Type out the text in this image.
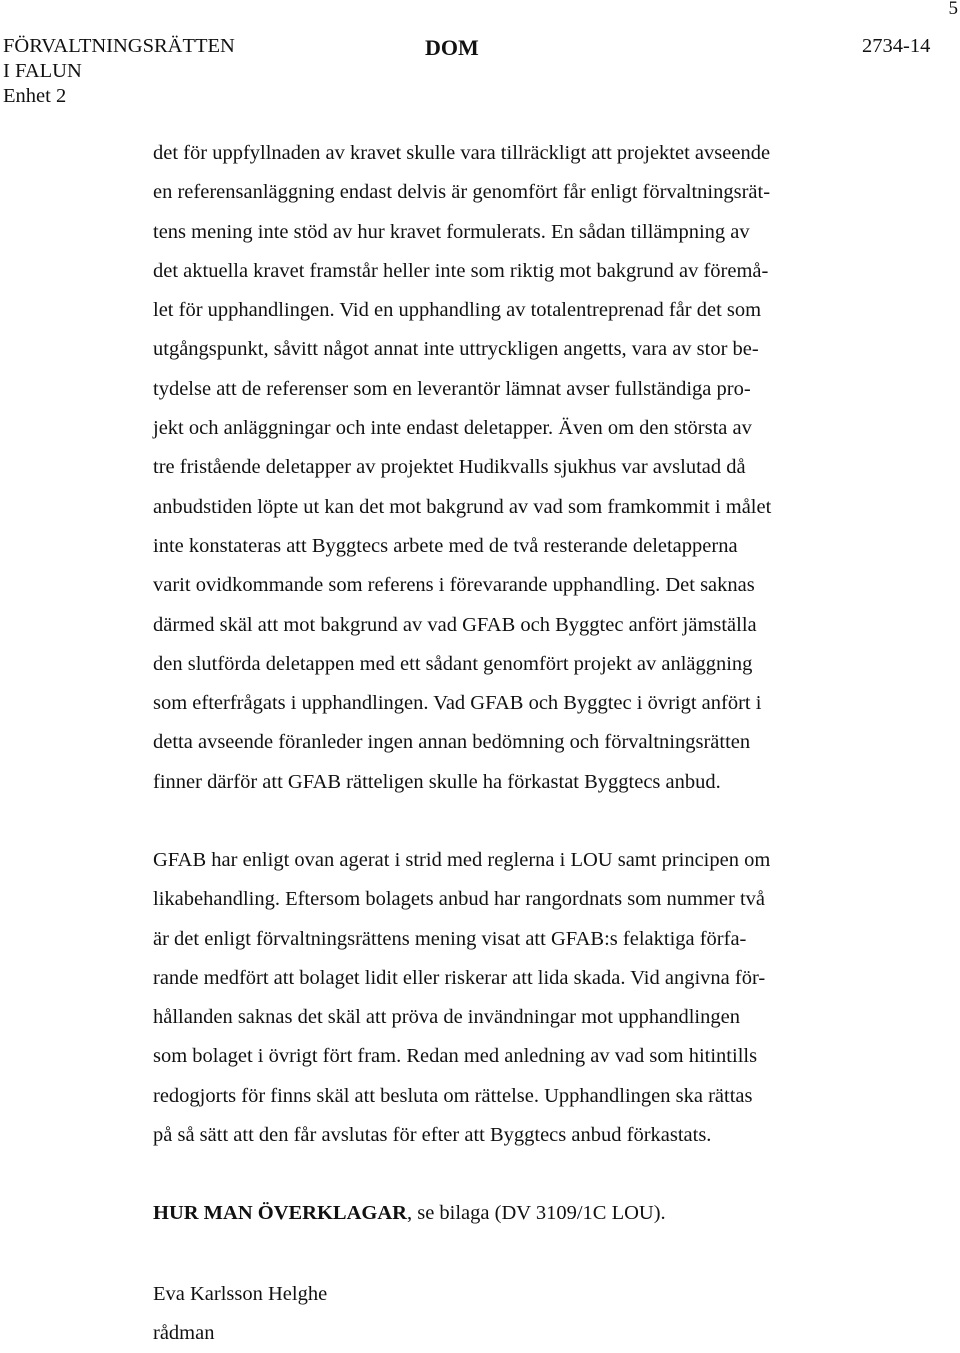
5
FÖRVALTNINGSRÄTTEN
I FALUN
Enhet 2
DOM	2734-14

det för uppfyllnaden av kravet skulle vara tillräckligt att projektet avseende
en referensanläggning endast delvis är genomfört får enligt förvaltningsrät-
tens mening inte stöd av hur kravet formulerats. En sådan tillämpning av
det aktuella kravet framstår heller inte som riktig mot bakgrund av föremå-
let för upphandlingen. Vid en upphandling av totalentreprenad får det som
utgångspunkt, såvitt något annat inte uttryckligen angetts, vara av stor be-
tydelse att de referenser som en leverantör lämnat avser fullständiga pro-
jekt och anläggningar och inte endast deletapper. Även om den största av
tre fristående deletapper av projektet Hudikvalls sjukhus var avslutad då
anbudstiden löpte ut kan det mot bakgrund av vad som framkommit i målet
inte konstateras att Byggtecs arbete med de två resterande deletapperna
varit ovidkommande som referens i förevarande upphandling. Det saknas
därmed skäl att mot bakgrund av vad GFAB och Byggtec anfört jämställa
den slutförda deletappen med ett sådant genomfört projekt av anläggning
som efterfrågats i upphandlingen. Vad GFAB och Byggtec i övrigt anfört i
detta avseende föranleder ingen annan bedömning och förvaltningsrätten
finner därför att GFAB rätteligen skulle ha förkastat Byggtecs anbud.

GFAB har enligt ovan agerat i strid med reglerna i LOU samt principen om
likabehandling. Eftersom bolagets anbud har rangordnats som nummer två
är det enligt förvaltningsrättens mening visat att GFAB:s felaktiga förfa-
rande medfört att bolaget lidit eller riskerar att lida skada. Vid angivna för-
hållanden saknas det skäl att pröva de invändningar mot upphandlingen
som bolaget i övrigt fört fram. Redan med anledning av vad som hitintills
redogjorts för finns skäl att besluta om rättelse. Upphandlingen ska rättas
på så sätt att den får avslutas för efter att Byggtecs anbud förkastats.

HUR MAN ÖVERKLAGAR, se bilaga (DV 3109/1C LOU).
Eva Karlsson Helghe
rådman
